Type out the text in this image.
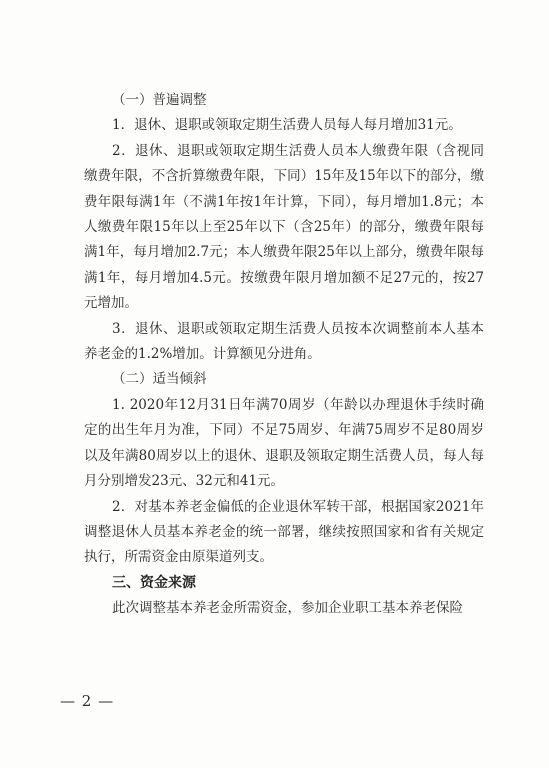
（一）普遍调整

1．退休、退职或领取定期生活费人员每人每月增加31元。

2．退休、退职或领取定期生活费人员本人缴费年限（含视同缴费年限，不含折算缴费年限，下同）15年及15年以下的部分，缴费年限每满1年（不满1年按1年计算，下同），每月增加1.8元；本人缴费年限15年以上至25年以下（含25年）的部分，缴费年限每满1年，每月增加2.7元；本人缴费年限25年以上部分，缴费年限每满1年，每月增加4.5元。按缴费年限月增加额不足27元的，按27元增加。

3．退休、退职或领取定期生活费人员按本次调整前本人基本养老金的1.2%增加。计算额见分进角。

（二）适当倾斜

1. 2020年12月31日年满70周岁（年龄以办理退休手续时确定的出生年月为准，下同）不足75周岁、年满75周岁不足80周岁以及年满80周岁以上的退休、退职及领取定期生活费人员，每人每月分别增发23元、32元和41元。

2．对基本养老金偏低的企业退休军转干部，根据国家2021年调整退休人员基本养老金的统一部署，继续按照国家和省有关规定执行，所需资金由原渠道列支。

三、资金来源

此次调整基本养老金所需资金，参加企业职工基本养老保险

— 2 —
